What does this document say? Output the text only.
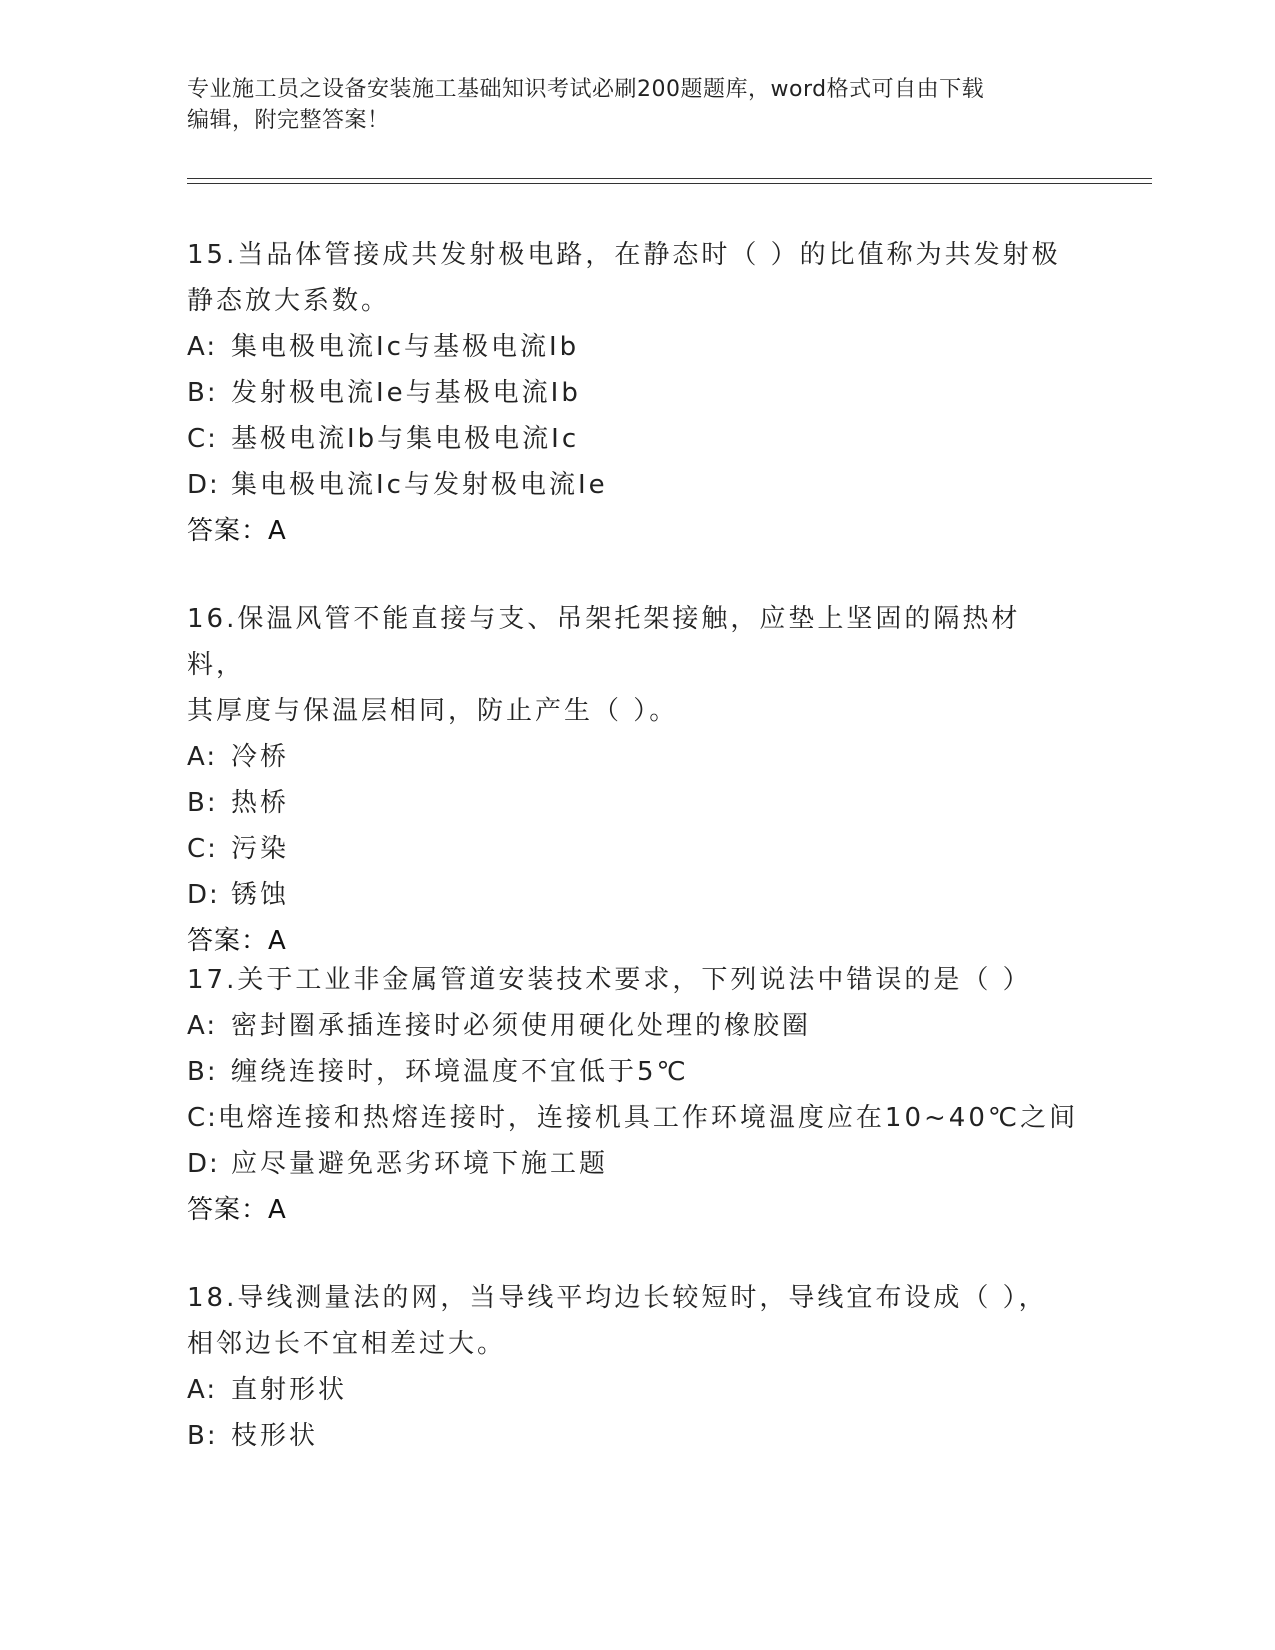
专业施工员之设备安装施工基础知识考试必刷200题题库，word格式可自由下载
编辑，附完整答案！

15.当品体管接成共发射极电路，在静态时（ ）的比值称为共发射极

静态放大系数。

A: 集电极电流Ic与基极电流Ib

B: 发射极电流Ie与基极电流Ib

C: 基极电流Ib与集电极电流Ic

D: 集电极电流Ic与发射极电流Ie

答案：A

16.保温风管不能直接与支、吊架托架接触，应垫上坚固的隔热材料，

其厚度与保温层相同，防止产生（ ）。

A: 冷桥

B: 热桥

C: 污染

D: 锈蚀

答案：A

17.关于工业非金属管道安装技术要求，下列说法中错误的是（ ）

A: 密封圈承插连接时必须使用硬化处理的橡胶圈

B: 缠绕连接时，环境温度不宜低于5℃

C: 电熔连接和热熔连接时，连接机具工作环境温度应在10~40℃之间

D: 应尽量避免恶劣环境下施工题

答案：A

18.导线测量法的网，当导线平均边长较短时，导线宜布设成（ ），

相邻边长不宜相差过大。

A: 直射形状

B: 枝形状
